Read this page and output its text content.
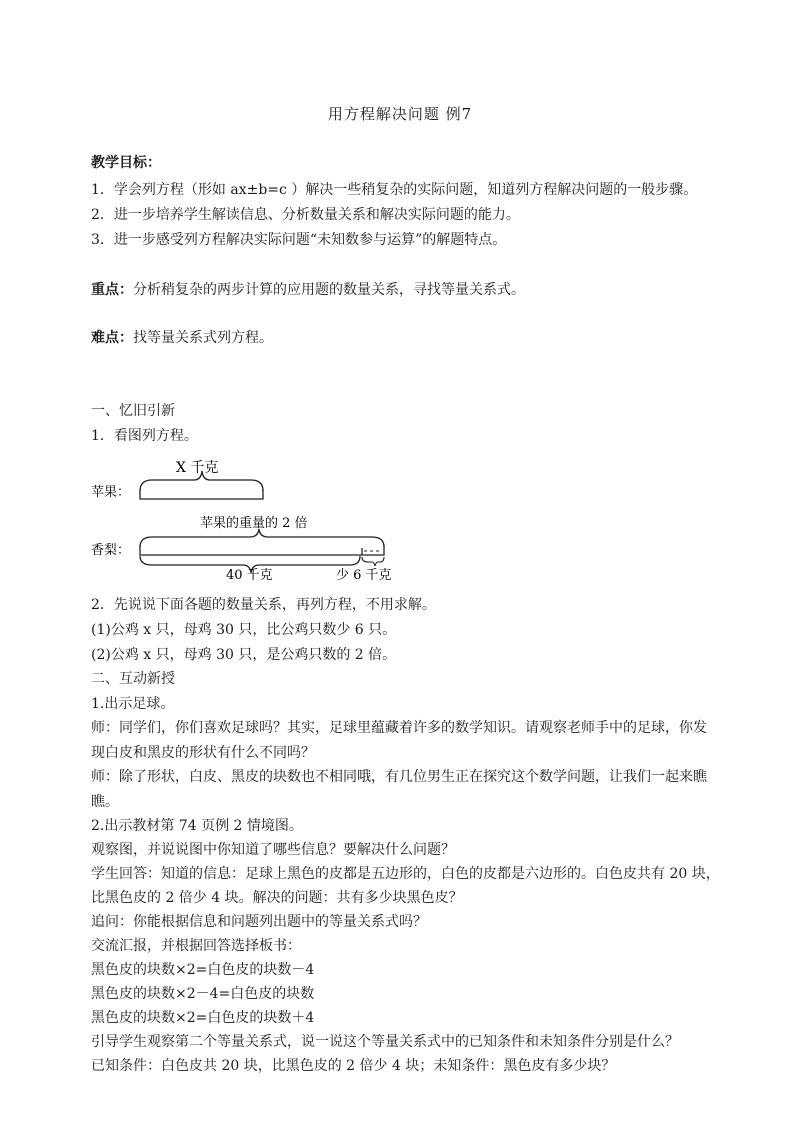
用方程解决问题 例7
教学目标：
1．学会列方程（形如 ax±b=c ）解决一些稍复杂的实际问题，知道列方程解决问题的一般步骤。
2．进一步培养学生解读信息、分析数量关系和解决实际问题的能力。
3．进一步感受列方程解决实际问题“未知数参与运算”的解题特点。
重点：分析稍复杂的两步计算的应用题的数量关系，寻找等量关系式。
难点：找等量关系式列方程。
一、忆旧引新
1．看图列方程。
X 千克
苹果：
苹果的重量的 2 倍
香梨：
40 千克	少 6 千克
2．先说说下面各题的数量关系，再列方程，不用求解。
(1)公鸡 x 只，母鸡 30 只，比公鸡只数少 6 只。
(2)公鸡 x 只，母鸡 30 只，是公鸡只数的 2 倍。
二、互动新授
1.出示足球。
师：同学们，你们喜欢足球吗？其实，足球里蕴藏着许多的数学知识。请观察老师手中的足球，你发
现白皮和黑皮的形状有什么不同吗？
师：除了形状，白皮、黑皮的块数也不相同哦，有几位男生正在探究这个数学问题，让我们一起来瞧
瞧。
2.出示教材第 74 页例 2 情境图。
观察图，并说说图中你知道了哪些信息？要解决什么问题？
学生回答：知道的信息：足球上黑色的皮都是五边形的，白色的皮都是六边形的。白色皮共有 20 块，
比黑色皮的 2 倍少 4 块。解决的问题：共有多少块黑色皮？
追问：你能根据信息和问题列出题中的等量关系式吗？
交流汇报，并根据回答选择板书：
黑色皮的块数×2=白色皮的块数－4
黑色皮的块数×2－4=白色皮的块数
黑色皮的块数×2=白色皮的块数＋4
引导学生观察第二个等量关系式，说一说这个等量关系式中的已知条件和未知条件分别是什么？
已知条件：白色皮共 20 块，比黑色皮的 2 倍少 4 块；未知条件：黑色皮有多少块？
